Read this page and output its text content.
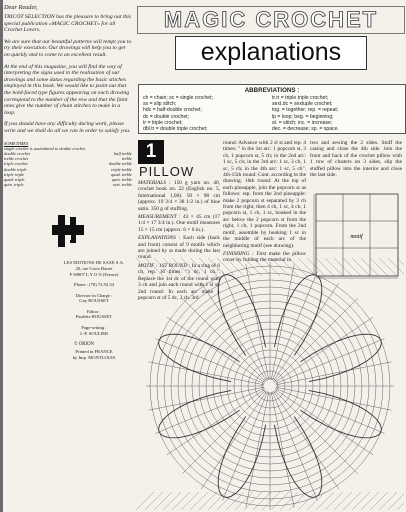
Dear Reader,

TRICOT SELECTION has the pleasure to bring out this special publication «MAGIC CROCHET» for all Crochet Lovers.

We are sure that our beautiful patterns will tempt you to try their execution. Our drawings will help you to get on quickly and to come to an excellent result.

At the end of this magazine, you will find the way of interpreting the signs used in the realisation of our drawings and some datas regarding the basic stitches employed in this book. We would like to point out that the bold-faced type figures appearing on each drawing correspond to the number of the row and that the faint ones give the number of chain stitches to make in a loop.

If you should have any difficulty during work, please write and we shall do all we can in order to satisfy you.

SOMETIMES
single crochet is assimilated to double crochet
double crochet	half treble
treble crochet	treble
triple crochet	double treble
double triple	triple treble
triple triple	quad. treble
quad. triple	quin. treble
quin. triple	sext. treble
LES EDITIONS DE SAXE S.A.
20, rue Croix Barret
F 69007 L Y O N (France)
Phone : (78) 72.92.54
Director in Charge :
Guy ROUSSET
Editor :
Paulette ROUSSET
Page-setting :
J.-P. SOULIER
© ORION
Printed in FRANCE
by Imp. MONTLOUIS
MAGIC CROCHET
explanations
ABBREVIATIONS :
ch = chain; sc = single crochet;
ss = slip stitch;
hdc = half-double crochet;
dc = double crochet;
tr = triple crochet;
dbl.tr = double triple crochet;
tr.tr = triple triple crochet;
sext.dc = sextuple crochet;
tog. = together; rep. = repeat;
lp = loop; beg. = beginning;
st. = stitch; inc. = increase;
dec. = decrease; sp. = space.
1
PILLOW

MATERIALS : 150 g yarn no. 40, crochet hook no. 22 (English no. 5, International 1,00). 50 × 98 cm (approx. 19 3/4 × 38 1/2 in.) of blue satin. 350 g of stuffing.

MEASUREMENT : 43 × 45 cm (17 1/4 × 17 3/4 in.). One motif measures 15 × 15 cm (approx. 6 × 6 in.).

EXPLANATIONS : Each side (back and front) consist of 9 motifs which are joined by ss made during the last round.

MOTIF : 1ST ROUND : In a ring of 6 ch, rep. 16 times: "1 dc, 1 ch.". Replace the 1st dc of the round with 3 ch and join each round with 1 sl st. 2nd round: In each arc make 1 popcorn st of 5 dc, 3 ch. 3rd

round: Advance with 2 sl st and rep. 4 times: " in the 1st arc: 1 popcorn st, 3 ch, 1 popcorn st, 5 ch; in the 2nd arc: 1 sc, 5 ch; in the 3rd arc: 1 sc, 3 ch, 1 sc, 5 ch; in the 4th arc: 1 sc, 5 ch". 4th-15th round: Cont. according to the drawing. 16th round: At the top of each pineapple, join the popcorn st as follows: rep. from the 2nd pineapple: make 2 popcorn st separated by 3 ch from the right, then 4 ch, 1 sc, 4 ch, 1 popcorn st, 1 ch, 1 sc, hooked in the arc below the 2 popcorn st from the right, 1 ch, 1 popcorn. From the 2nd motif, assemble by hooking 1 sc in the middle of each arc of the neighboring motif (see drawing).

FINISHING : First make the pillow cover by folding the material in

two and sewing the 2 sides. Stuff the casing and close the 4th side. Join the front and back of the crochet pillow with 1 row of clusters on 3 sides, slip the stuffed pillow into the interior and close the last side.

motif
